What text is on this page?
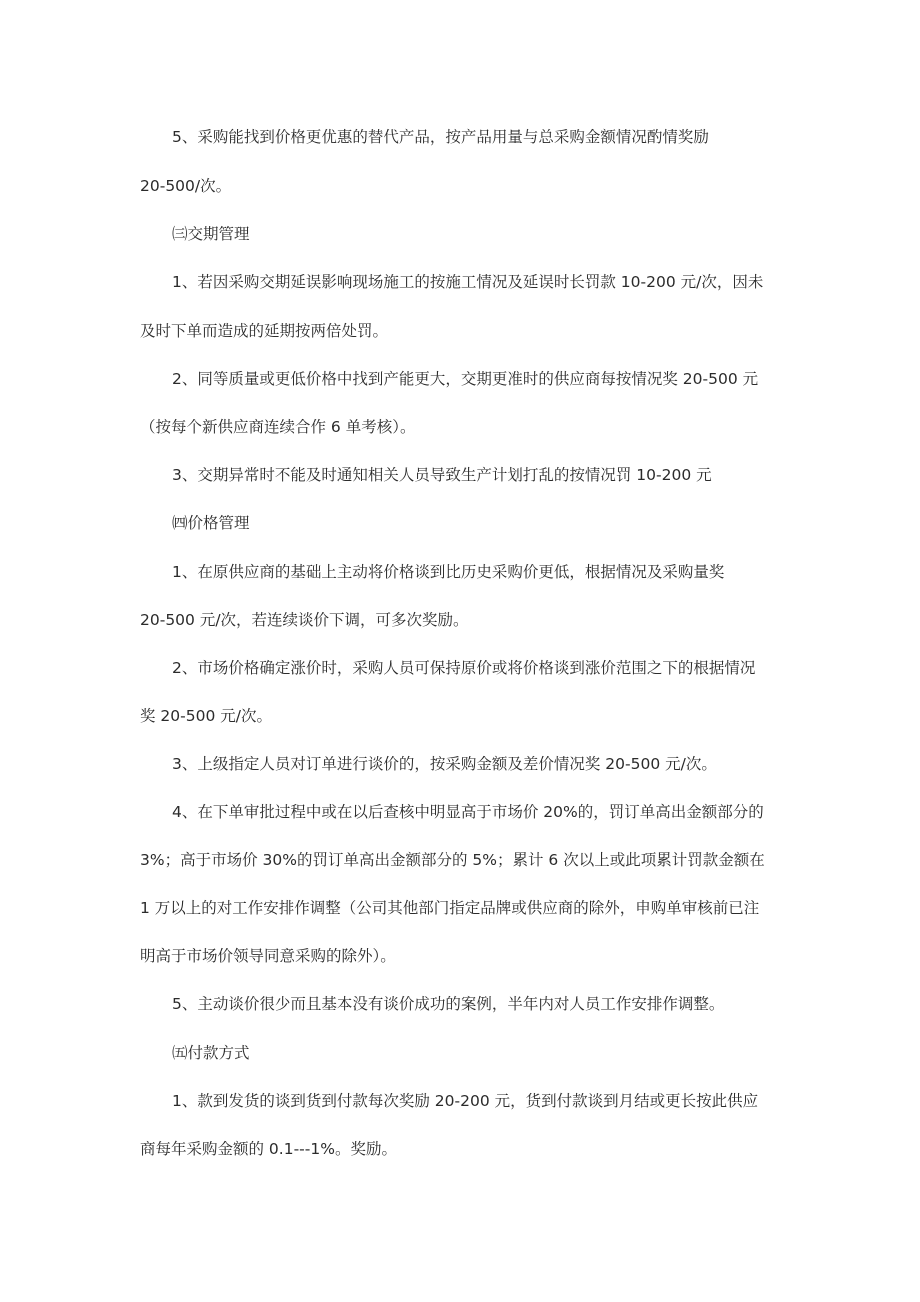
5、采购能找到价格更优惠的替代产品，按产品用量与总采购金额情况酌情奖励
20-500/次。
㈢交期管理
1、若因采购交期延误影响现场施工的按施工情况及延误时长罚款 10-200 元/次，因未
及时下单而造成的延期按两倍处罚。
2、同等质量或更低价格中找到产能更大，交期更准时的供应商每按情况奖 20-500 元
（按每个新供应商连续合作 6 单考核）。
3、交期异常时不能及时通知相关人员导致生产计划打乱的按情况罚 10-200 元
㈣价格管理
1、在原供应商的基础上主动将价格谈到比历史采购价更低，根据情况及采购量奖
20-500 元/次，若连续谈价下调，可多次奖励。
2、市场价格确定涨价时，采购人员可保持原价或将价格谈到涨价范围之下的根据情况
奖 20-500 元/次。
3、上级指定人员对订单进行谈价的，按采购金额及差价情况奖 20-500 元/次。
4、在下单审批过程中或在以后查核中明显高于市场价 20%的，罚订单高出金额部分的
3%；高于市场价 30%的罚订单高出金额部分的 5%；累计 6 次以上或此项累计罚款金额在
1 万以上的对工作安排作调整（公司其他部门指定品牌或供应商的除外，申购单审核前已注
明高于市场价领导同意采购的除外）。
5、主动谈价很少而且基本没有谈价成功的案例，半年内对人员工作安排作调整。
㈤付款方式
1、款到发货的谈到货到付款每次奖励 20-200 元，货到付款谈到月结或更长按此供应
商每年采购金额的 0.1---1%。奖励。
